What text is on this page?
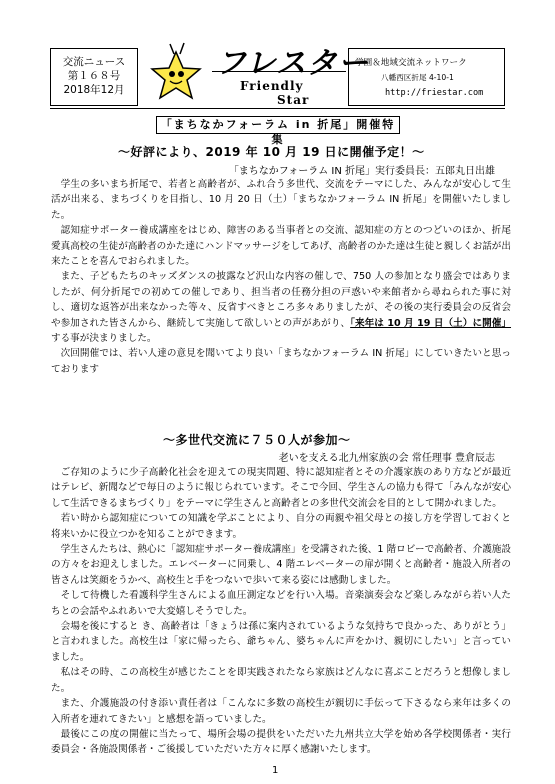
交流ニュース
第１６８号
2018年12月
フレスター
Friendly
Star
学園＆地域交流ネットワーク
八幡西区折尾 4-10-1
http://friestar.com
「まちなかフォーラム in 折尾」開催特集
～好評により、2019 年 10 月 19 日に開催予定！～
「まちなかフォーラム IN 折尾」実行委員長：五郎丸日出雄

学生の多いまち折尾で、若者と高齢者が、ふれ合う多世代、交流をテーマにした、みんなが安心して生活が出来る、まちづくりを目指し、10 月 20 日（土）「まちなかフォーラム IN 折尾」を開催いたしました。

認知症サポーター養成講座をはじめ、障害のある当事者との交流、認知症の方とのつどいのほか、折尾愛真高校の生徒が高齢者のかた達にハンドマッサージをしてあげ、高齢者のかた達は生徒と親しくお話が出来たことを喜んでおられました。

また、子どもたちのキッズダンスの披露など沢山な内容の催しで、750 人の参加となり盛会ではありましたが、何分折尾での初めての催しであり、担当者の任務分担の戸惑いや来館者から尋ねられた事に対し、適切な返答が出来なかった等々、反省すべきところ多々ありましたが、その後の実行委員会の反省会や参加された皆さんから、継続して実施して欲しいとの声があがり、「来年は 10 月 19 日（土）に開催」する事が決まりました。

次回開催では、若い人達の意見を聞いてより良い「まちなかフォーラム IN 折尾」にしていきたいと思っております

～多世代交流に７５０人が参加～
老いを支える北九州家族の会 常任理事 豊倉辰志

ご存知のように少子高齢化社会を迎えての現実問題、特に認知症者とその介護家族のあり方などが最近はテレビ、新聞などで毎日のように報じられています。そこで今回、学生さんの協力も得て「みんなが安心して生活できるまちづくり」をテーマに学生さんと高齢者との多世代交流会を目的として開かれました。

若い時から認知症についての知識を学ぶことにより、自分の両親や祖父母との接し方を学習しておくと将来いかに役立つかを知ることができます。

学生さんたちは、熱心に「認知症サポーター養成講座」を受講された後、1 階ロビーで高齢者、介護施設の方々をお迎えしました。エレベーターに同乗し、4 階エレベーターの扉が開くと高齢者・施設入所者の皆さんは笑顔をうかべ、高校生と手をつないで歩いて来る姿には感動しました。

そして待機した看護科学生さんによる血圧測定などを行い入場。音楽演奏会など楽しみながら若い人たちとの会話やふれあいで大変嬉しそうでした。

会場を後にすると き、高齢者は「きょうは孫に案内されているような気持ちで良かった、ありがとう」と言われました。高校生は「家に帰ったら、爺ちゃん、婆ちゃんに声をかけ、親切にしたい」と言っていました。

私はその時、この高校生が感じたことを即実践されたなら家族はどんなに喜ぶことだろうと想像しました。

また、介護施設の付き添い責任者は「こんなに多数の高校生が親切に手伝って下さるなら来年は多くの入所者を連れてきたい」と感想を語っていました。

最後にこの度の開催に当たって、場所会場の提供をいただいた九州共立大学を始め各学校関係者・実行委員会・各施設関係者・ご後援していただいた方々に厚く感謝いたします。

1
